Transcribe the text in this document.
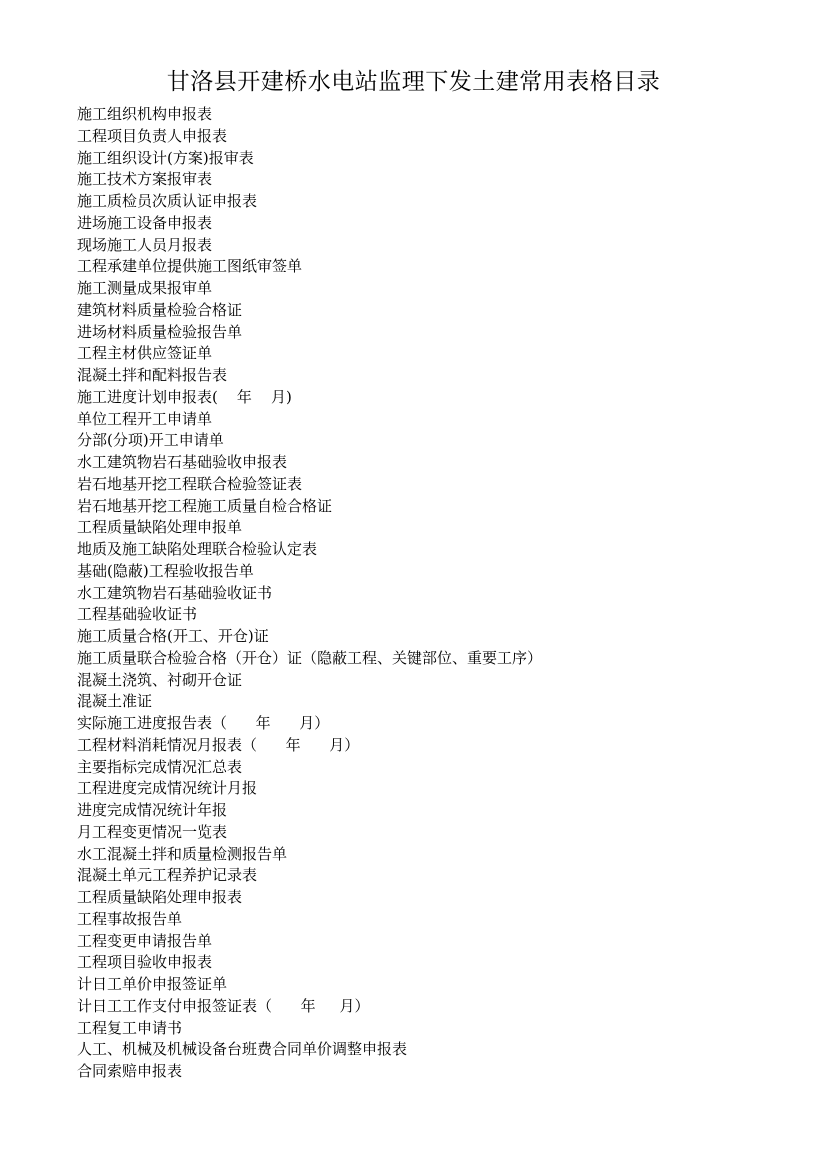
甘洛县开建桥水电站监理下发土建常用表格目录
施工组织机构申报表
工程项目负责人申报表
施工组织设计(方案)报审表
施工技术方案报审表
施工质检员次质认证申报表
进场施工设备申报表
现场施工人员月报表
工程承建单位提供施工图纸审签单
施工测量成果报审单
建筑材料质量检验合格证
进场材料质量检验报告单
工程主材供应签证单
混凝土拌和配料报告表
施工进度计划申报表(    年    月)
单位工程开工申请单
分部(分项)开工申请单
水工建筑物岩石基础验收申报表
岩石地基开挖工程联合检验签证表
岩石地基开挖工程施工质量自检合格证
工程质量缺陷处理申报单
地质及施工缺陷处理联合检验认定表
基础(隐蔽)工程验收报告单
水工建筑物岩石基础验收证书
工程基础验收证书
施工质量合格(开工、开仓)证
施工质量联合检验合格（开仓）证（隐蔽工程、关键部位、重要工序）
混凝土浇筑、衬砌开仓证
混凝土准证
实际施工进度报告表（      年      月）
工程材料消耗情况月报表（      年      月）
主要指标完成情况汇总表
工程进度完成情况统计月报
进度完成情况统计年报
月工程变更情况一览表
水工混凝土拌和质量检测报告单
混凝土单元工程养护记录表
工程质量缺陷处理申报表
工程事故报告单
工程变更申请报告单
工程项目验收申报表
计日工单价申报签证单
计日工工作支付申报签证表（      年     月）
工程复工申请书
人工、机械及机械设备台班费合同单价调整申报表
合同索赔申报表
